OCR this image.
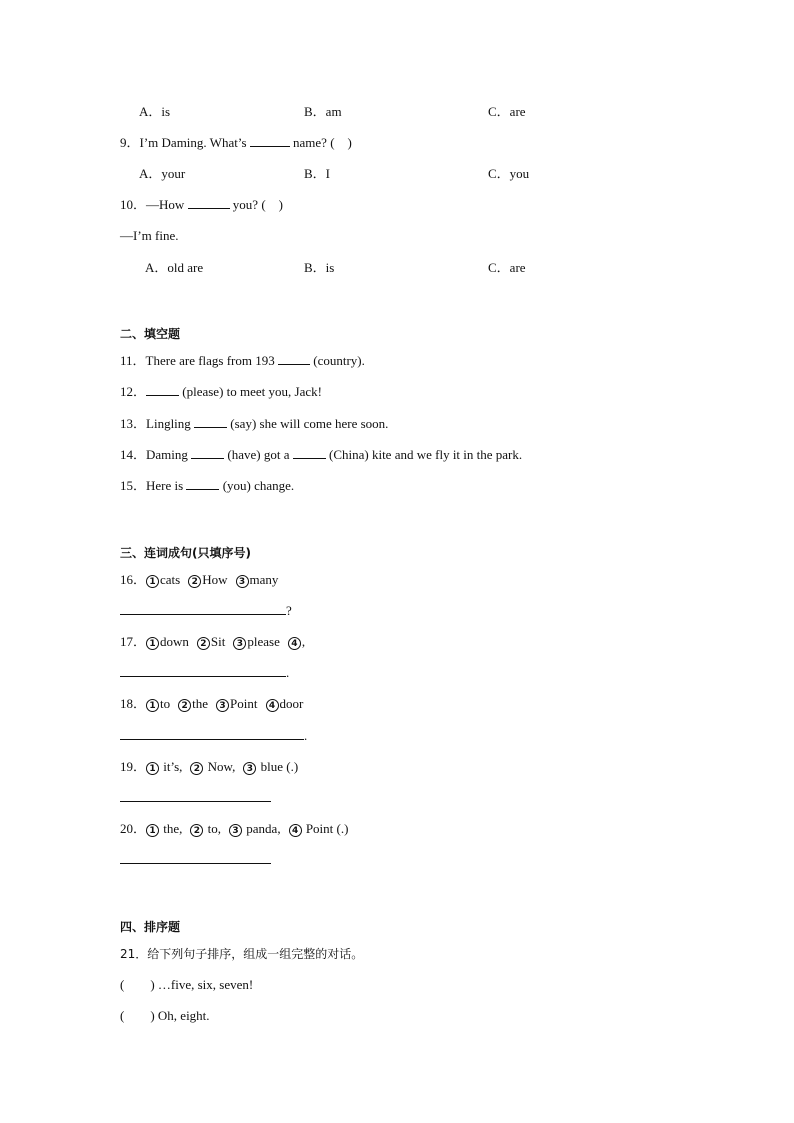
A．is	B．am	C．are
9．I’m Daming. What’s	name? (　)
A．your	B．I	C．you
10．—How	you? (　)
—I’m fine.
A．old are	B．is	C．are
二、填空题
11．There are flags from 193	(country).
12．	(please) to meet you, Jack!
13．Lingling	(say) she will come here soon.
14．Daming	(have) got a	(China) kite and we fly it in the park.
15．Here is	(you) change.
三、连词成句(只填序号)
16． 1 cats 2 How 3 many
?
17． 1 down 2 Sit 3 please 4 ,
.
18． 1 to 2 the 3 Point 4 door
.
19． 1 it’s, 2 Now, 3 blue (.)
20． 1 the, 2 to, 3 panda, 4 Point (.)
四、排序题
21．给下列句子排序，组成一组完整的对话。
(　　) …five, six, seven!
(　　) Oh, eight.
